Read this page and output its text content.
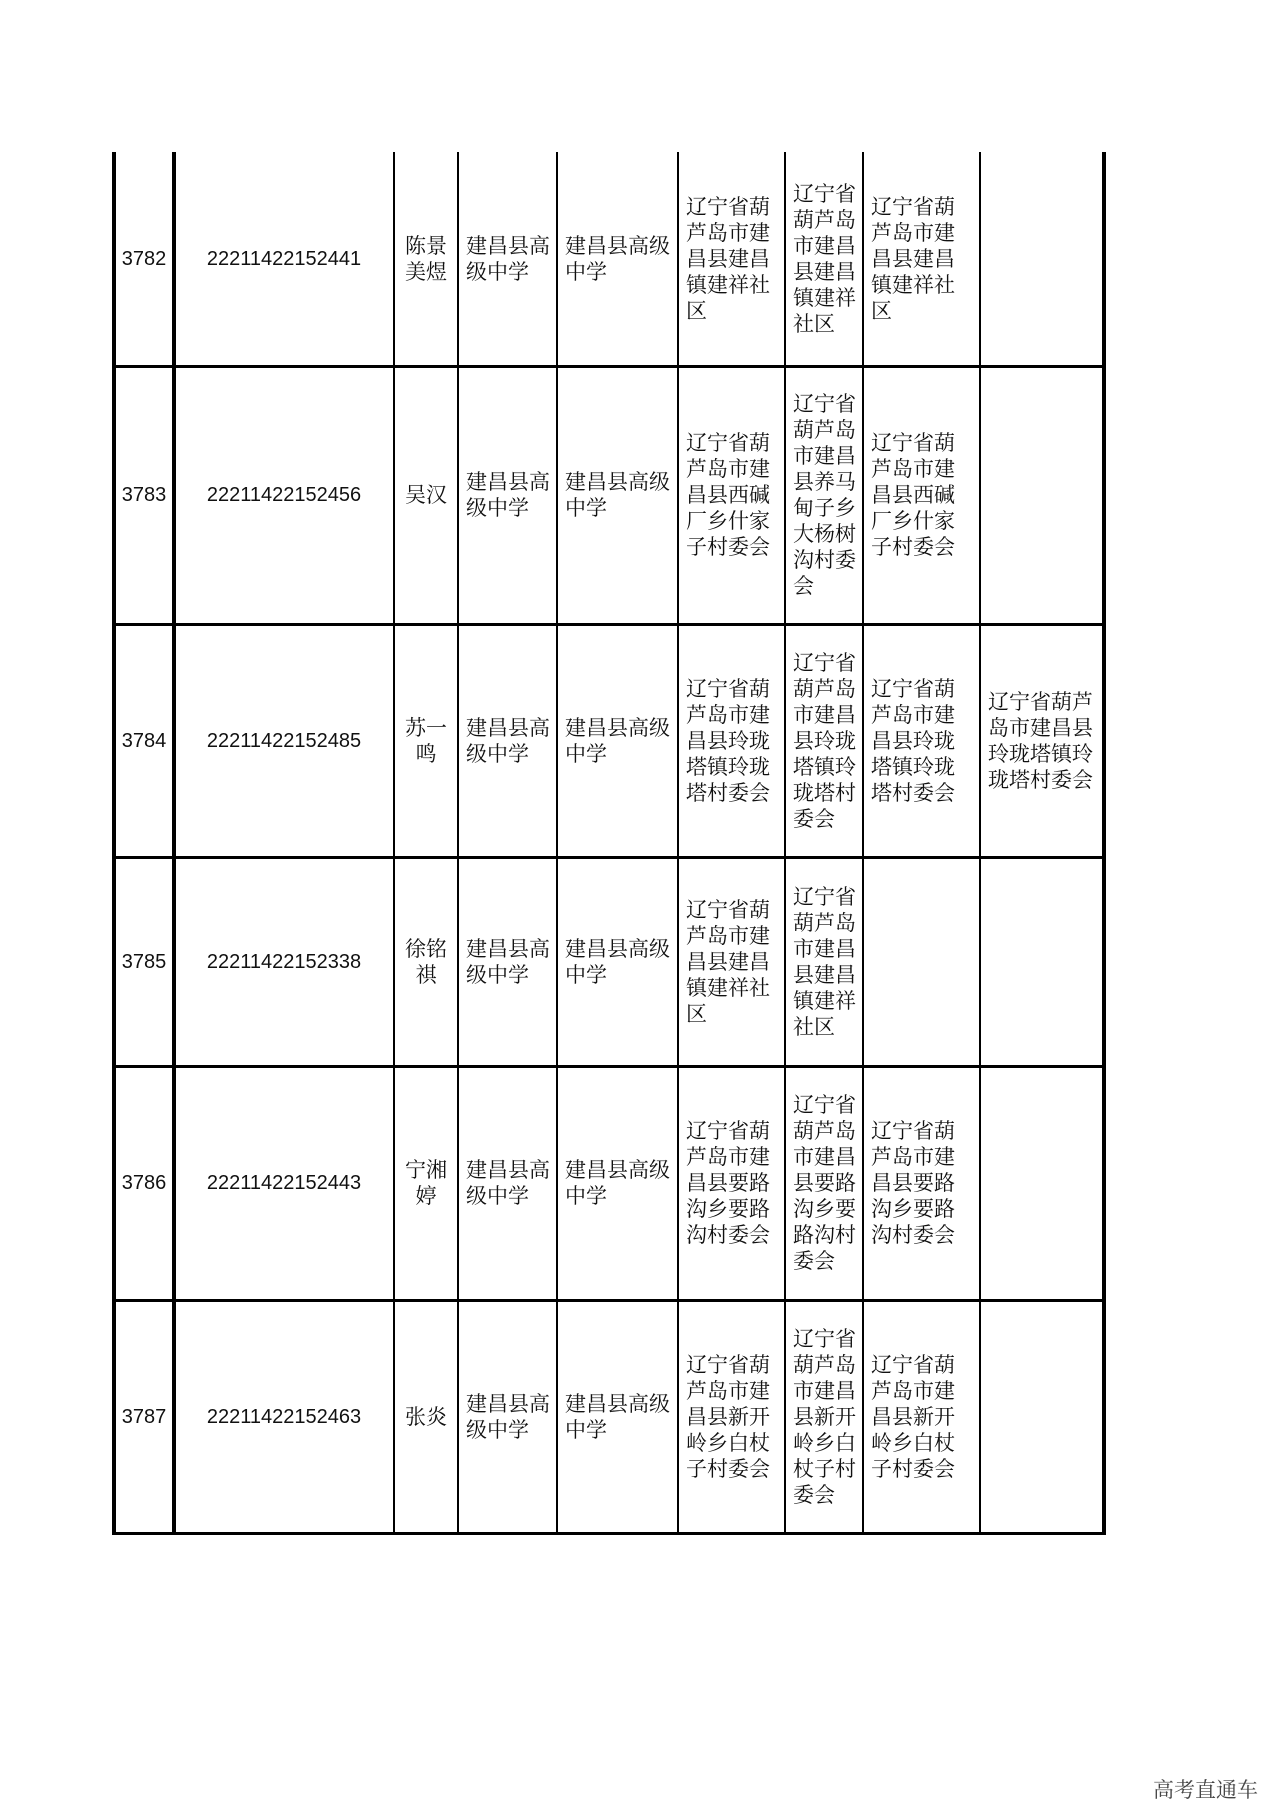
3782 22211422152441
陈景美煜
建昌县高级中学
建昌县高级中学
辽宁省葫芦岛市建昌县建昌镇建祥社区
辽宁省葫芦岛市建昌县建昌镇建祥社区
辽宁省葫芦岛市建昌县建昌镇建祥社区
3783 22211422152456 吴汉
建昌县高级中学
建昌县高级中学
辽宁省葫芦岛市建昌县西碱厂乡什家子村委会
辽宁省葫芦岛市建昌县养马甸子乡大杨树沟村委会
辽宁省葫芦岛市建昌县西碱厂乡什家子村委会
3784 22211422152485
苏一鸣
建昌县高级中学
建昌县高级中学
辽宁省葫芦岛市建昌县玲珑塔镇玲珑塔村委会
辽宁省葫芦岛市建昌县玲珑塔镇玲珑塔村委会
辽宁省葫芦岛市建昌县玲珑塔镇玲珑塔村委会
辽宁省葫芦岛市建昌县玲珑塔镇玲珑塔村委会
3785 22211422152338
徐铭祺
建昌县高级中学
建昌县高级中学
辽宁省葫芦岛市建昌县建昌镇建祥社区
辽宁省葫芦岛市建昌县建昌镇建祥社区
3786 22211422152443
宁湘婷
建昌县高级中学
建昌县高级中学
辽宁省葫芦岛市建昌县要路沟乡要路沟村委会
辽宁省葫芦岛市建昌县要路沟乡要路沟村委会
辽宁省葫芦岛市建昌县要路沟乡要路沟村委会
3787 22211422152463 张炎
建昌县高级中学
建昌县高级中学
辽宁省葫芦岛市建昌县新开岭乡白杖子村委会
辽宁省葫芦岛市建昌县新开岭乡白杖子村委会
辽宁省葫芦岛市建昌县新开岭乡白杖子村委会
高考直通车
